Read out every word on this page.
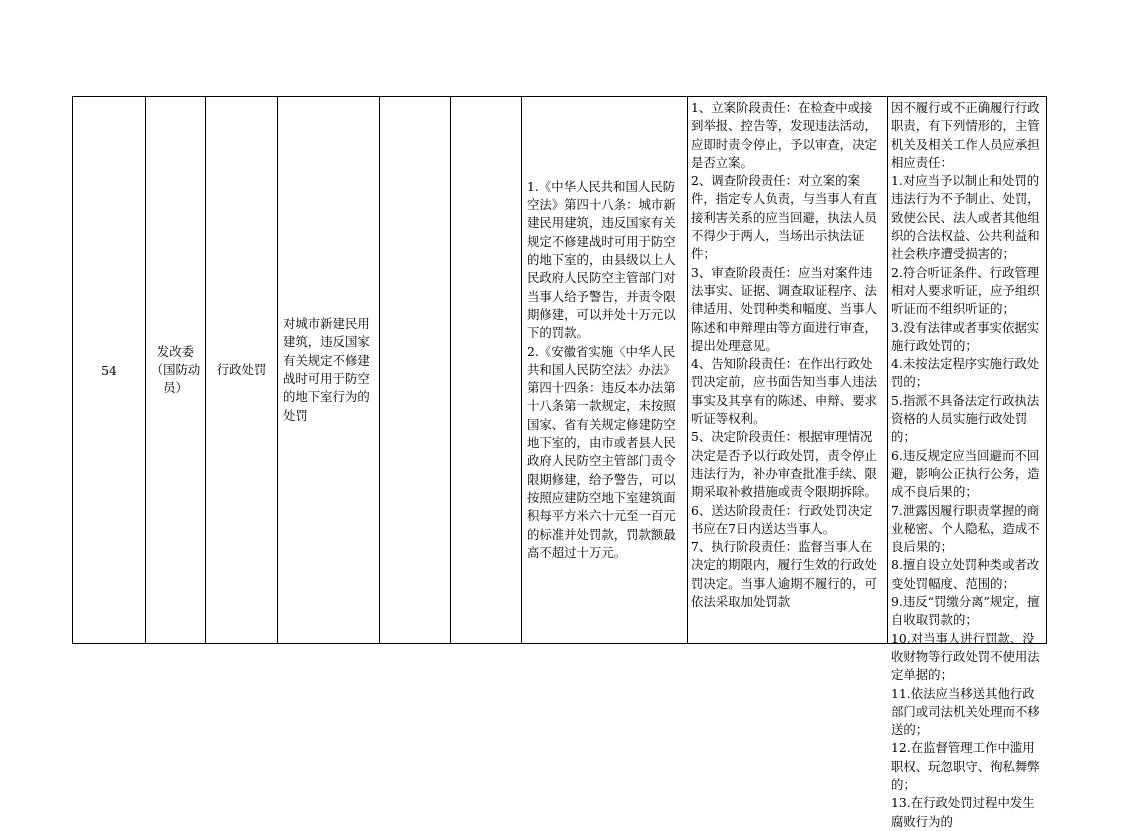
54
发改委（国防动员）
行政处罚
对城市新建民用建筑，违反国家有关规定不修建战时可用于防空的地下室行为的处罚
1.《中华人民共和国人民防空法》第四十八条：城市新建民用建筑，违反国家有关规定不修建战时可用于防空的地下室的，由县级以上人民政府人民防空主管部门对当事人给予警告，并责令限期修建，可以并处十万元以下的罚款。
2.《安徽省实施〈中华人民共和国人民防空法〉办法》第四十四条：违反本办法第十八条第一款规定，未按照国家、省有关规定修建防空地下室的，由市或者县人民政府人民防空主管部门责令限期修建，给予警告，可以按照应建防空地下室建筑面积每平方米六十元至一百元的标准并处罚款，罚款额最高不超过十万元。
1、立案阶段责任：在检查中或接到举报、控告等，发现违法活动，应即时责令停止，予以审查，决定是否立案。
2、调查阶段责任：对立案的案件，指定专人负责，与当事人有直接利害关系的应当回避，执法人员不得少于两人，当场出示执法证件；
3、审查阶段责任：应当对案件违法事实、证据、调查取证程序、法律适用、处罚种类和幅度、当事人陈述和申辩理由等方面进行审查，提出处理意见。
4、告知阶段责任：在作出行政处罚决定前，应书面告知当事人违法事实及其享有的陈述、申辩、要求听证等权利。
5、决定阶段责任：根据审理情况决定是否予以行政处罚，责令停止违法行为，补办审查批准手续、限期采取补救措施或责令限期拆除。
6、送达阶段责任：行政处罚决定书应在7日内送达当事人。
7、执行阶段责任：监督当事人在决定的期限内，履行生效的行政处罚决定。当事人逾期不履行的，可依法采取加处罚款
因不履行或不正确履行行政职责，有下列情形的，主管机关及相关工作人员应承担相应责任：
1.对应当予以制止和处罚的违法行为不予制止、处罚，致使公民、法人或者其他组织的合法权益、公共利益和社会秩序遭受损害的；
2.符合听证条件、行政管理相对人要求听证，应予组织听证而不组织听证的；
3.没有法律或者事实依据实施行政处罚的；
4.未按法定程序实施行政处罚的；
5.指派不具备法定行政执法资格的人员实施行政处罚的；
6.违反规定应当回避而不回避，影响公正执行公务，造成不良后果的；
7.泄露因履行职责掌握的商业秘密、个人隐私，造成不良后果的；
8.擅自设立处罚种类或者改变处罚幅度、范围的；
9.违反“罚缴分离”规定，擅自收取罚款的；
10.对当事人进行罚款、没收财物等行政处罚不使用法定单据的；
11.依法应当移送其他行政部门或司法机关处理而不移送的；
12.在监督管理工作中滥用职权、玩忽职守、徇私舞弊的；
13.在行政处罚过程中发生腐败行为的
